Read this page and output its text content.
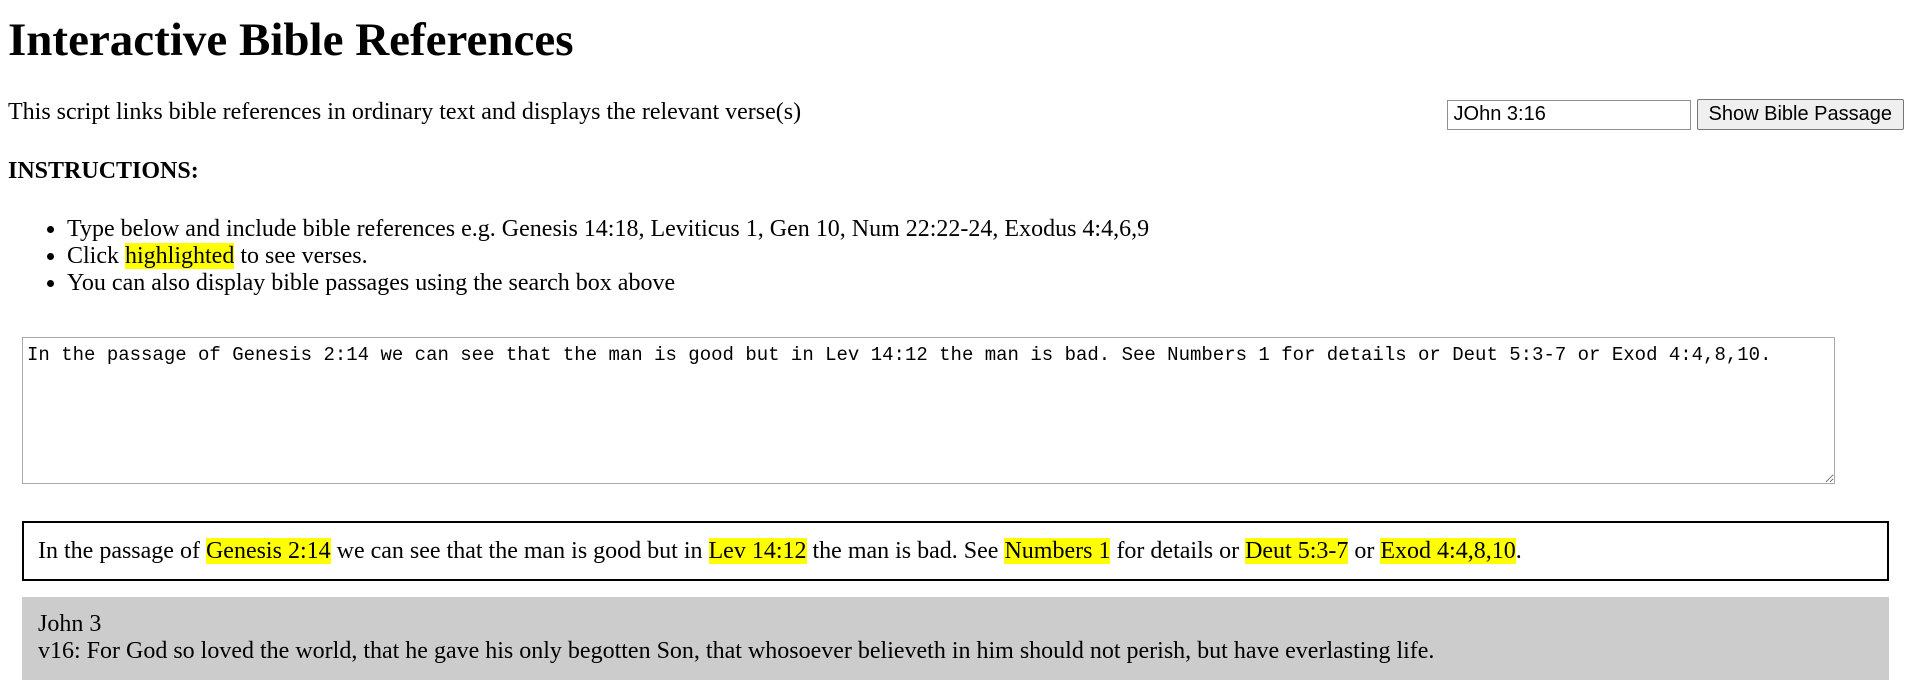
Interactive Bible References

This script links bible references in ordinary text and displays the relevant verse(s)

JOhn 3:16	Show Bible Passage

INSTRUCTIONS:

• Type below and include bible references e.g. Genesis 14:18, Leviticus 1, Gen 10, Num 22:22-24, Exodus 4:4,6,9
• Click highlighted to see verses.
• You can also display bible passages using the search box above
In the passage of Genesis 2:14 we can see that the man is good but in Lev 14:12 the man is bad. See Numbers 1 for details or Deut 5:3-7 or Exod 4:4,8,10.
In the passage of Genesis 2:14 we can see that the man is good but in Lev 14:12 the man is bad. See Numbers 1 for details or Deut 5:3-7 or Exod 4:4,8,10.
John 3
v16: For God so loved the world, that he gave his only begotten Son, that whosoever believeth in him should not perish, but have everlasting life.
